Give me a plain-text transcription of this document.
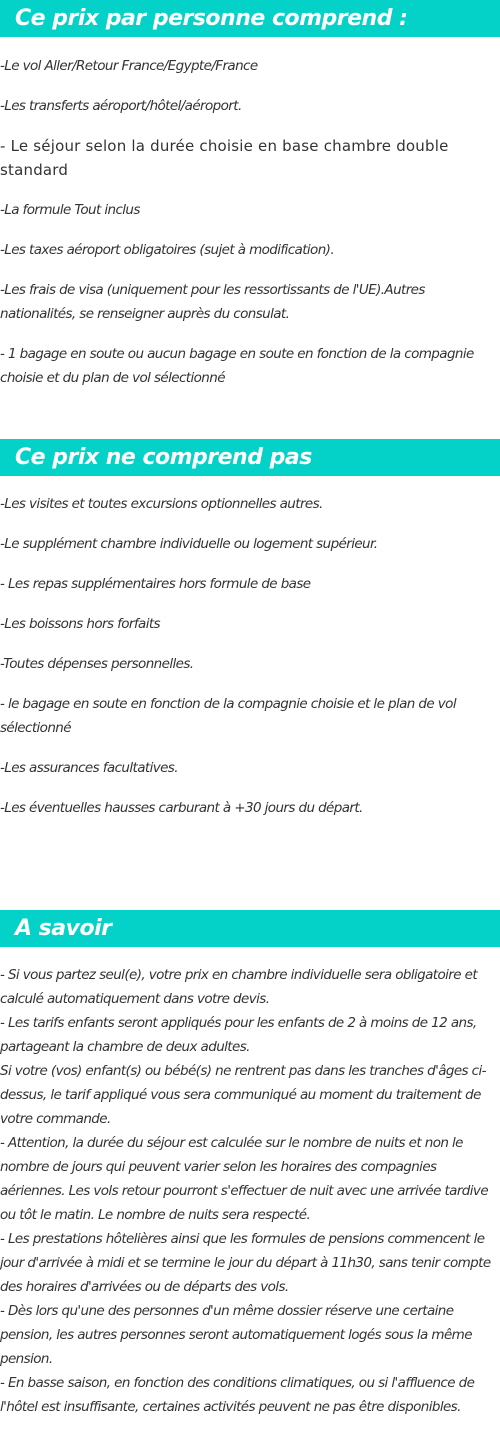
Ce prix par personne comprend :
-Le vol Aller/Retour France/Egypte/France
-Les transferts aéroport/hôtel/aéroport.
- Le séjour selon la durée choisie en base chambre double standard
-La formule Tout inclus
-Les taxes aéroport obligatoires (sujet à modification).
-Les frais de visa (uniquement pour les ressortissants de l'UE).Autres nationalités, se renseigner auprès du consulat.
- 1 bagage en soute ou aucun bagage en soute en fonction de la compagnie choisie et du plan de vol sélectionné
Ce prix ne comprend pas
-Les visites et toutes excursions optionnelles autres.
-Le supplément chambre individuelle ou logement supérieur.
- Les repas supplémentaires hors formule de base
-Les boissons hors forfaits
-Toutes dépenses personnelles.
- le bagage en soute en fonction de la compagnie choisie et le plan de vol sélectionné
-Les assurances facultatives.
-Les éventuelles hausses carburant à +30 jours du départ.
A savoir

- Si vous partez seul(e), votre prix en chambre individuelle sera obligatoire et calculé automatiquement dans votre devis.

- Les tarifs enfants seront appliqués pour les enfants de 2 à moins de 12 ans, partageant la chambre de deux adultes.

Si votre (vos) enfant(s) ou bébé(s) ne rentrent pas dans les tranches d'âges ci-dessus, le tarif appliqué vous sera communiqué au moment du traitement de votre commande.

- Attention, la durée du séjour est calculée sur le nombre de nuits et non le nombre de jours qui peuvent varier selon les horaires des compagnies aériennes. Les vols retour pourront s'effectuer de nuit avec une arrivée tardive ou tôt le matin. Le nombre de nuits sera respecté.

- Les prestations hôtelières ainsi que les formules de pensions commencent le jour d'arrivée à midi et se termine le jour du départ à 11h30, sans tenir compte des horaires d'arrivées ou de départs des vols.

- Dès lors qu'une des personnes d'un même dossier réserve une certaine pension, les autres personnes seront automatiquement logés sous la même pension.

- En basse saison, en fonction des conditions climatiques, ou si l'affluence de l'hôtel est insuffisante, certaines activités peuvent ne pas être disponibles.
